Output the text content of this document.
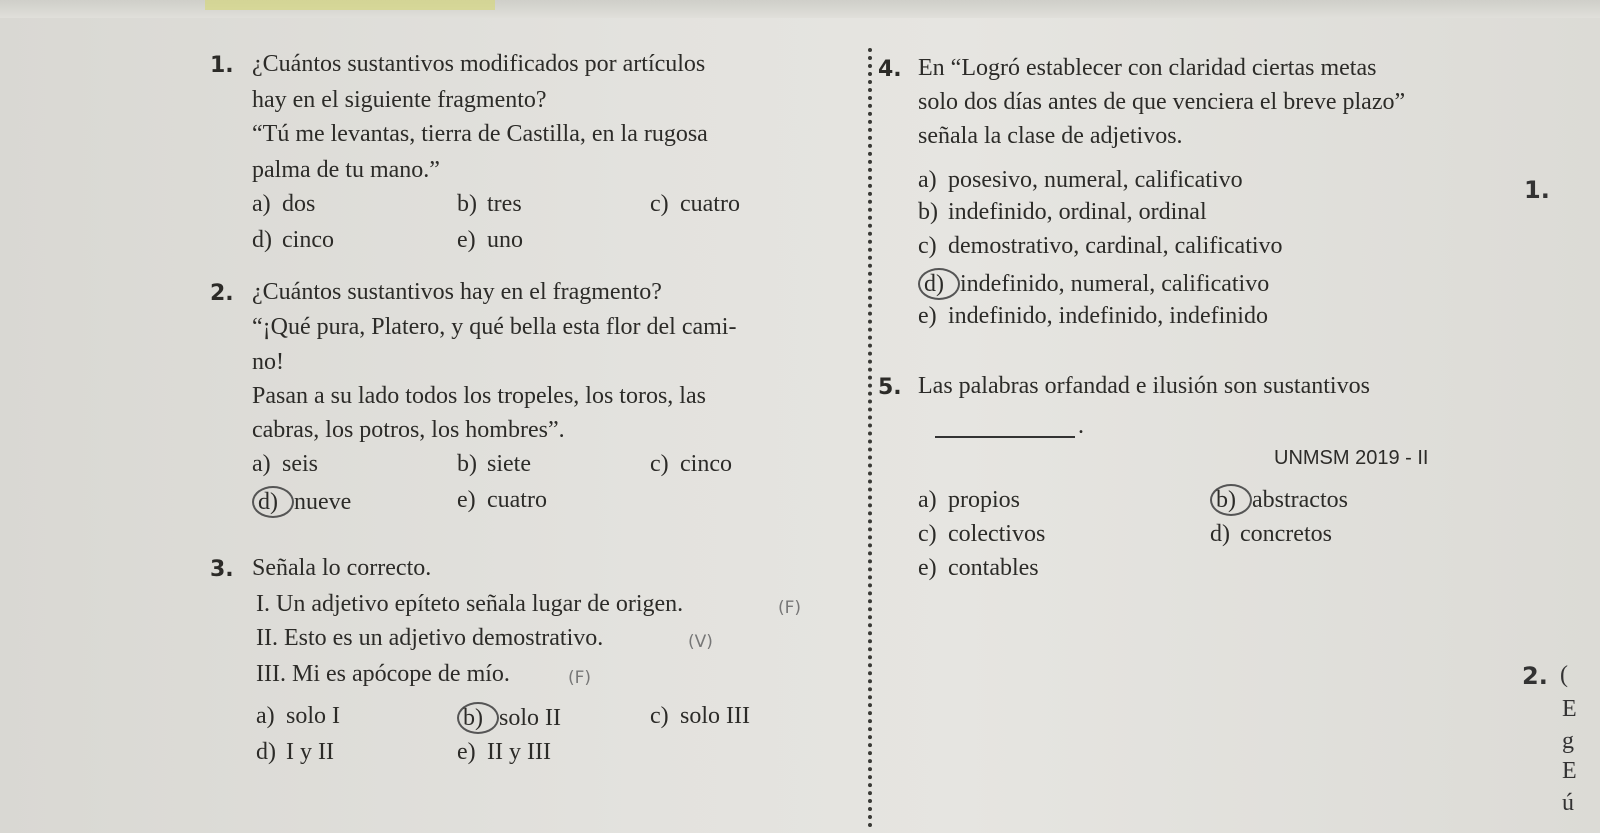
1. ¿Cuántos sustantivos modificados por artículos
hay en el siguiente fragmento?
“Tú me levantas, tierra de Castilla, en la rugosa
palma de tu mano.”
a) dos	b) tres	c) cuatro
d) cinco	e) uno
2. ¿Cuántos sustantivos hay en el fragmento?
“¡Qué pura, Platero, y qué bella esta flor del cami-
no!
Pasan a su lado todos los tropeles, los toros, las
cabras, los potros, los hombres”.
a) seis	b) siete	c) cinco
d) nueve	e) cuatro
3. Señala lo correcto.
I. Un adjetivo epíteto señala lugar de origen.	(F)
II. Esto es un adjetivo demostrativo.	(V)
III. Mi es apócope de mío.	(F)
a) solo I	b) solo II	c) solo III
d) I y II	e) II y III
4. En “Logró establecer con claridad ciertas metas
solo dos días antes de que venciera el breve plazo”
señala la clase de adjetivos.
a) posesivo, numeral, calificativo
b) indefinido, ordinal, ordinal
c) demostrativo, cardinal, calificativo
d) indefinido, numeral, calificativo
e) indefinido, indefinido, indefinido
5. Las palabras orfandad e ilusión son sustantivos
.
UNMSM 2019 - II
a) propios	b) abstractos
c) colectivos	d) concretos
e) contables
1.
2. (
E
g
E
ú
